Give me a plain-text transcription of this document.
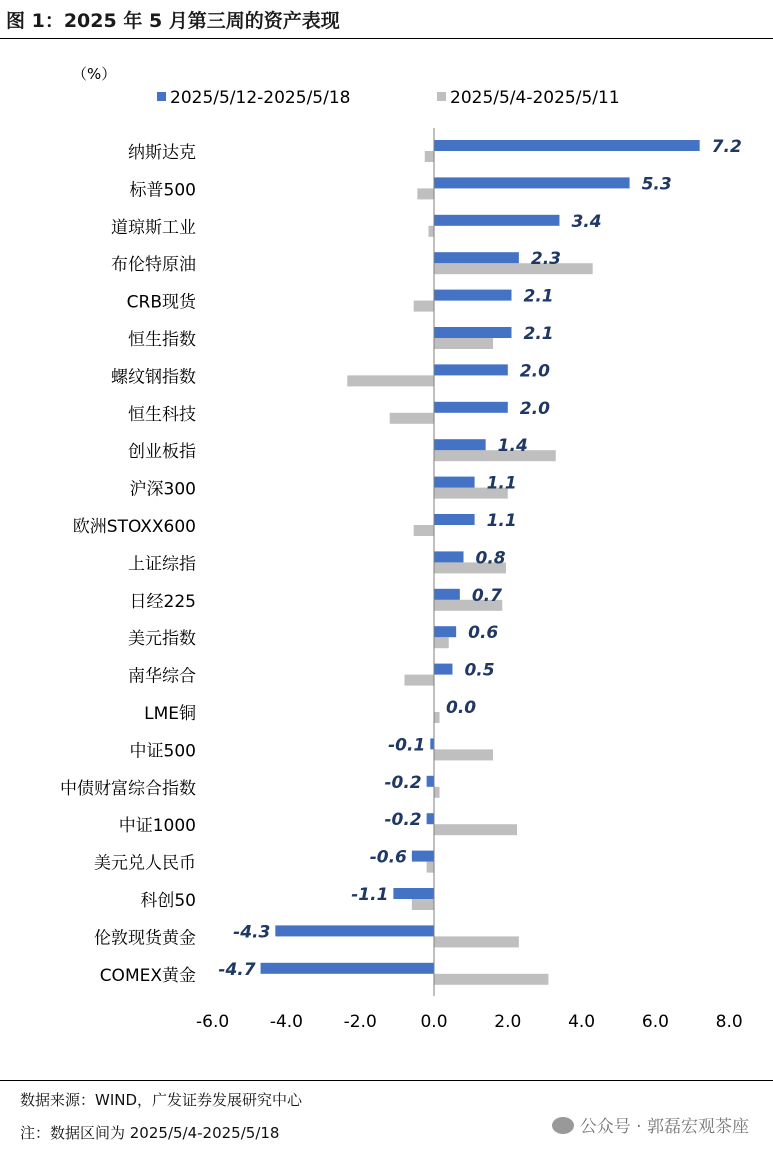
图 1：2025 年 5 月第三周的资产表现
2025/5/12-2025/5/18	2025/5/4-2025/5/11
纳斯达克
标普500
道琼斯工业
布伦特原油
CRB现货
恒生指数
螺纹钢指数
恒生科技
创业板指
沪深300
欧洲STOXX600
上证综指
日经225
美元指数
南华综合
LME铜
中证500
中债财富综合指数
中证1000
美元兑人民币
科创50
伦敦现货黄金
COMEX黄金
7.2
5.3
3.4
2.3
2.1
2.1
2.0
2.0
1.4
1.1
1.1
0.8
0.7
0.6
0.5
0.0
-0.1
-0.2
-0.2
-0.6
-1.1
-4.3
-4.7
-6.0 -4.0 -2.0	0.0	2.0	4.0	6.0	8.0
（%）
数据来源：WIND，广发证券发展研究中心
注：数据区间为 2025/5/4-2025/5/18	公众号 · 郭磊宏观茶座
